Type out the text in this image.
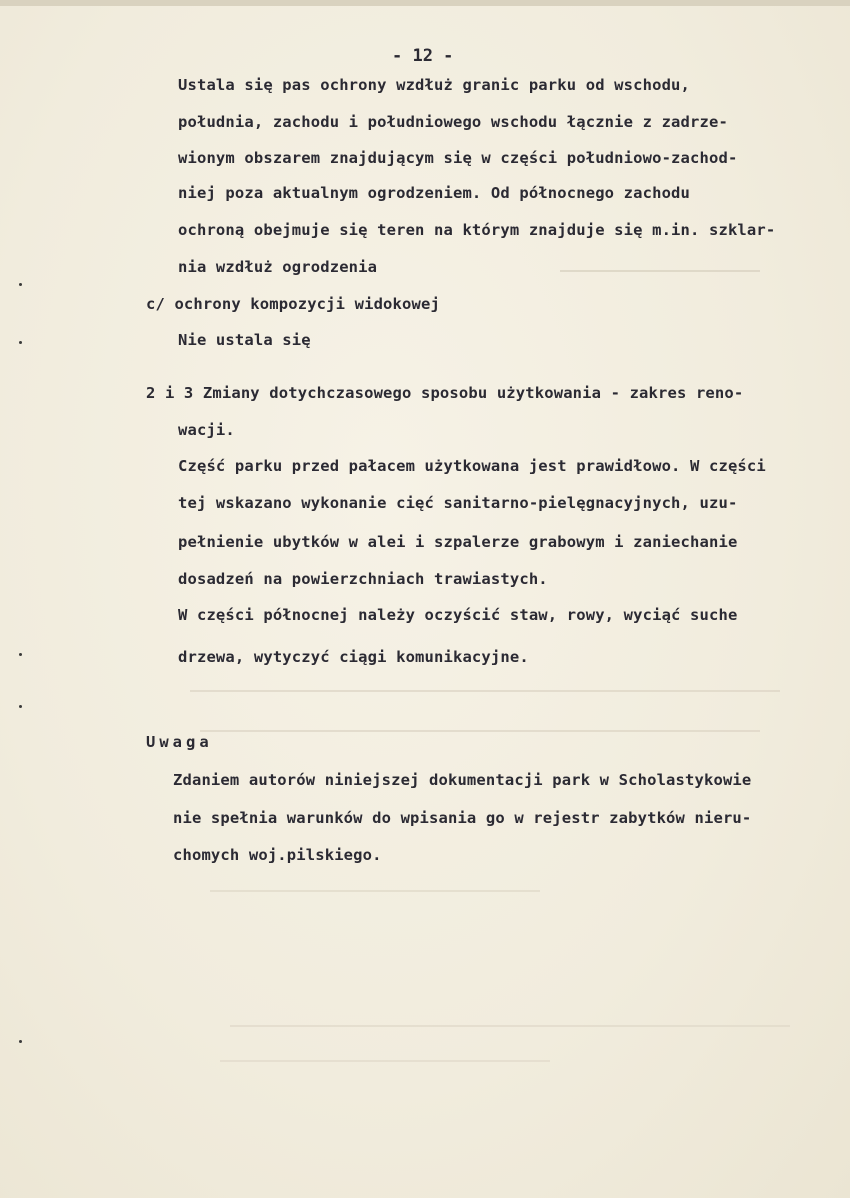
- 12 -
Ustala się pas ochrony wzdłuż granic parku od wschodu,
południa, zachodu i południowego wschodu łącznie z zadrze-
wionym obszarem znajdującym się w części południowo-zachod-
niej poza aktualnym ogrodzeniem. Od północnego zachodu
ochroną obejmuje się teren na którym znajduje się m.in. szklar-
nia wzdłuż ogrodzenia
c/ ochrony kompozycji widokowej
Nie ustala się
2 i 3 Zmiany dotychczasowego sposobu użytkowania - zakres reno-
wacji.
Część parku przed pałacem użytkowana jest prawidłowo. W części
tej wskazano wykonanie cięć sanitarno-pielęgnacyjnych, uzu-
pełnienie ubytków w alei i szpalerze grabowym i zaniechanie
dosadzeń na powierzchniach trawiastych.
W części północnej należy oczyścić staw, rowy, wyciąć suche
drzewa, wytyczyć ciągi komunikacyjne.
Uwaga
Zdaniem autorów niniejszej dokumentacji park w Scholastykowie
nie spełnia warunków do wpisania go w rejestr zabytków nieru-
chomych woj.pilskiego.
